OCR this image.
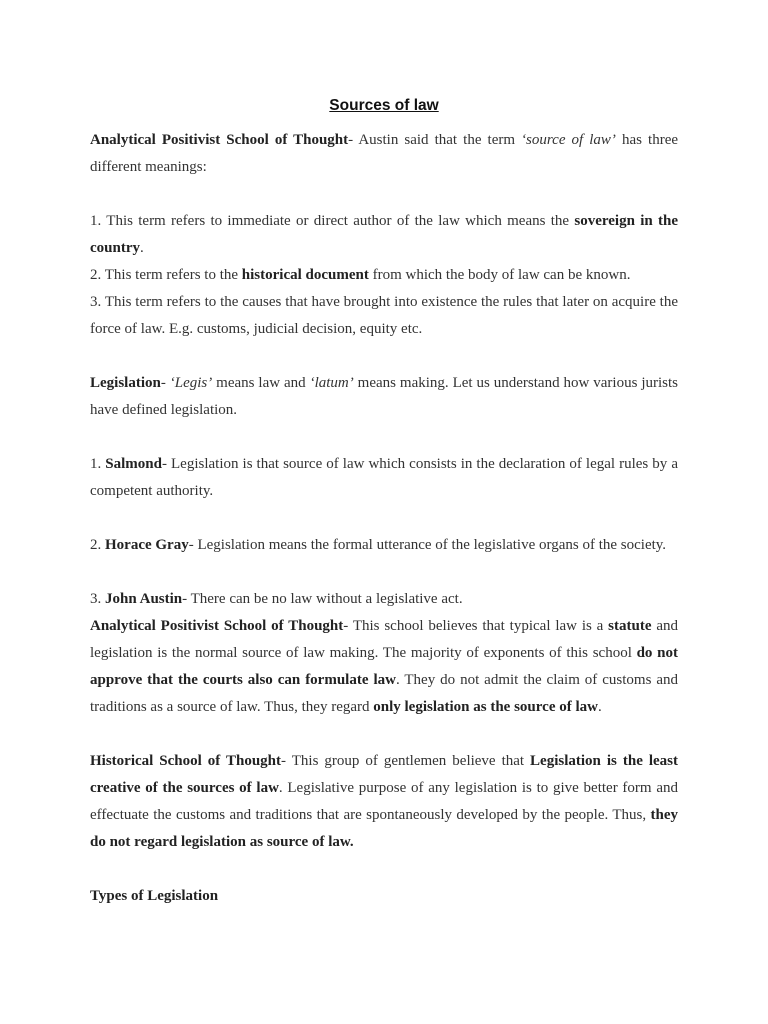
Sources of law

Analytical Positivist School of Thought- Austin said that the term ‘source of law’ has three different meanings:

1. This term refers to immediate or direct author of the law which means the sovereign in the country.

2. This term refers to the historical document from which the body of law can be known.

3. This term refers to the causes that have brought into existence the rules that later on acquire the force of law. E.g. customs, judicial decision, equity etc.

Legislation- ‘Legis’ means law and ‘latum’ means making. Let us understand how various jurists have defined legislation.

1. Salmond- Legislation is that source of law which consists in the declaration of legal rules by a competent authority.

2. Horace Gray- Legislation means the formal utterance of the legislative organs of the society.

3. John Austin- There can be no law without a legislative act.

Analytical Positivist School of Thought- This school believes that typical law is a statute and legislation is the normal source of law making. The majority of exponents of this school do not approve that the courts also can formulate law. They do not admit the claim of customs and traditions as a source of law. Thus, they regard only legislation as the source of law.

Historical School of Thought- This group of gentlemen believe that Legislation is the least creative of the sources of law. Legislative purpose of any legislation is to give better form and effectuate the customs and traditions that are spontaneously developed by the people. Thus, they do not regard legislation as source of law.

Types of Legislation
